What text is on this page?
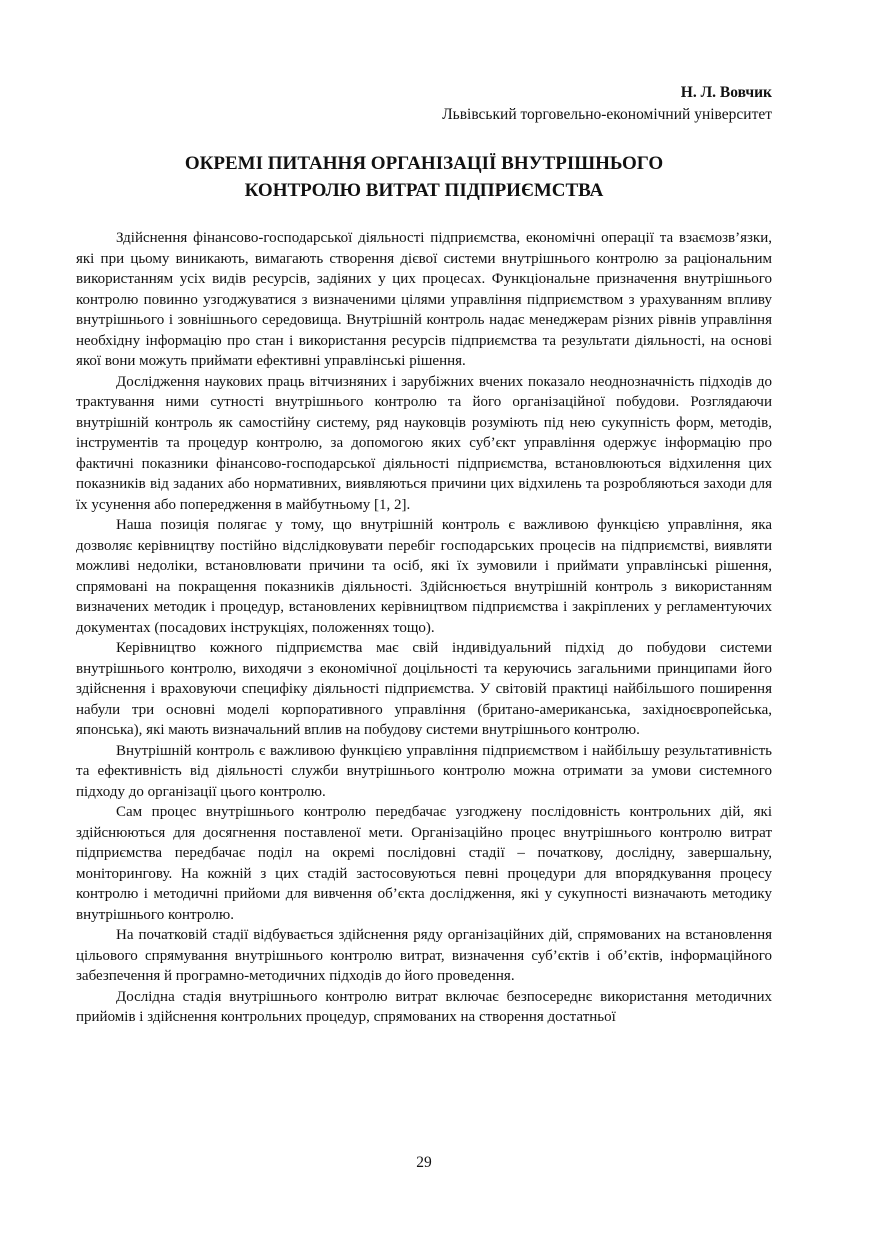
Н. Л. Вовчик
Львівський торговельно-економічний університет
ОКРЕМІ ПИТАННЯ ОРГАНІЗАЦІЇ ВНУТРІШНЬОГО
КОНТРОЛЮ ВИТРАТ ПІДПРИЄМСТВА

Здійснення фінансово-господарської діяльності підприємства, економічні операції та взаємозв’язки, які при цьому виникають, вимагають створення дієвої системи внутрішнього контролю за раціональним використанням усіх видів ресурсів, задіяних у цих процесах. Функціональне призначення внутрішнього контролю повинно узгоджуватися з визначеними цілями управління підприємством з урахуванням впливу внутрішнього і зовнішнього середовища. Внутрішній контроль надає менеджерам різних рівнів управління необхідну інформацію про стан і використання ресурсів підприємства та результати діяльності, на основі якої вони можуть приймати ефективні управлінські рішення.

Дослідження наукових праць вітчизняних і зарубіжних вчених показало неоднозначність підходів до трактування ними сутності внутрішнього контролю та його організаційної побудови. Розглядаючи внутрішній контроль як самостійну систему, ряд науковців розуміють під нею сукупність форм, методів, інструментів та процедур контролю, за допомогою яких суб’єкт управління одержує інформацію про фактичні показники фінансово-господарської діяльності підприємства, встановлюються відхилення цих показників від заданих або нормативних, виявляються причини цих відхилень та розробляються заходи для їх усунення або попередження в майбутньому [1, 2].

Наша позиція полягає у тому, що внутрішній контроль є важливою функцією управління, яка дозволяє керівництву постійно відслідковувати перебіг господарських процесів на підприємстві, виявляти можливі недоліки, встановлювати причини та осіб, які їх зумовили і приймати управлінські рішення, спрямовані на покращення показників діяльності. Здійснюється внутрішній контроль з використанням визначених методик і процедур, встановлених керівництвом підприємства і закріплених у регламентуючих документах (посадових інструкціях, положеннях тощо).

Керівництво кожного підприємства має свій індивідуальний підхід до побудови системи внутрішнього контролю, виходячи з економічної доцільності та керуючись загальними принципами його здійснення і враховуючи специфіку діяльності підприємства. У світовій практиці найбільшого поширення набули три основні моделі корпоративного управління (британо-американська, західноєвропейська, японська), які мають визначальний вплив на побудову системи внутрішнього контролю.

Внутрішній контроль є важливою функцією управління підприємством і найбільшу результативність та ефективність від діяльності служби внутрішнього контролю можна отримати за умови системного підходу до організації цього контролю.

Сам процес внутрішнього контролю передбачає узгоджену послідовність контрольних дій, які здійснюються для досягнення поставленої мети. Організаційно процес внутрішнього контролю витрат підприємства передбачає поділ на окремі послідовні стадії – початкову, дослідну, завершальну, моніторингову. На кожній з цих стадій застосовуються певні процедури для впорядкування процесу контролю і методичні прийоми для вивчення об’єкта дослідження, які у сукупності визначають методику внутрішнього контролю.

На початковій стадії відбувається здійснення ряду організаційних дій, спрямованих на встановлення цільового спрямування внутрішнього контролю витрат, визначення суб’єктів і об’єктів, інформаційного забезпечення й програмно-методичних підходів до його проведення.

Дослідна стадія внутрішнього контролю витрат включає безпосереднє використання методичних прийомів і здійснення контрольних процедур, спрямованих на створення достатньої

29
